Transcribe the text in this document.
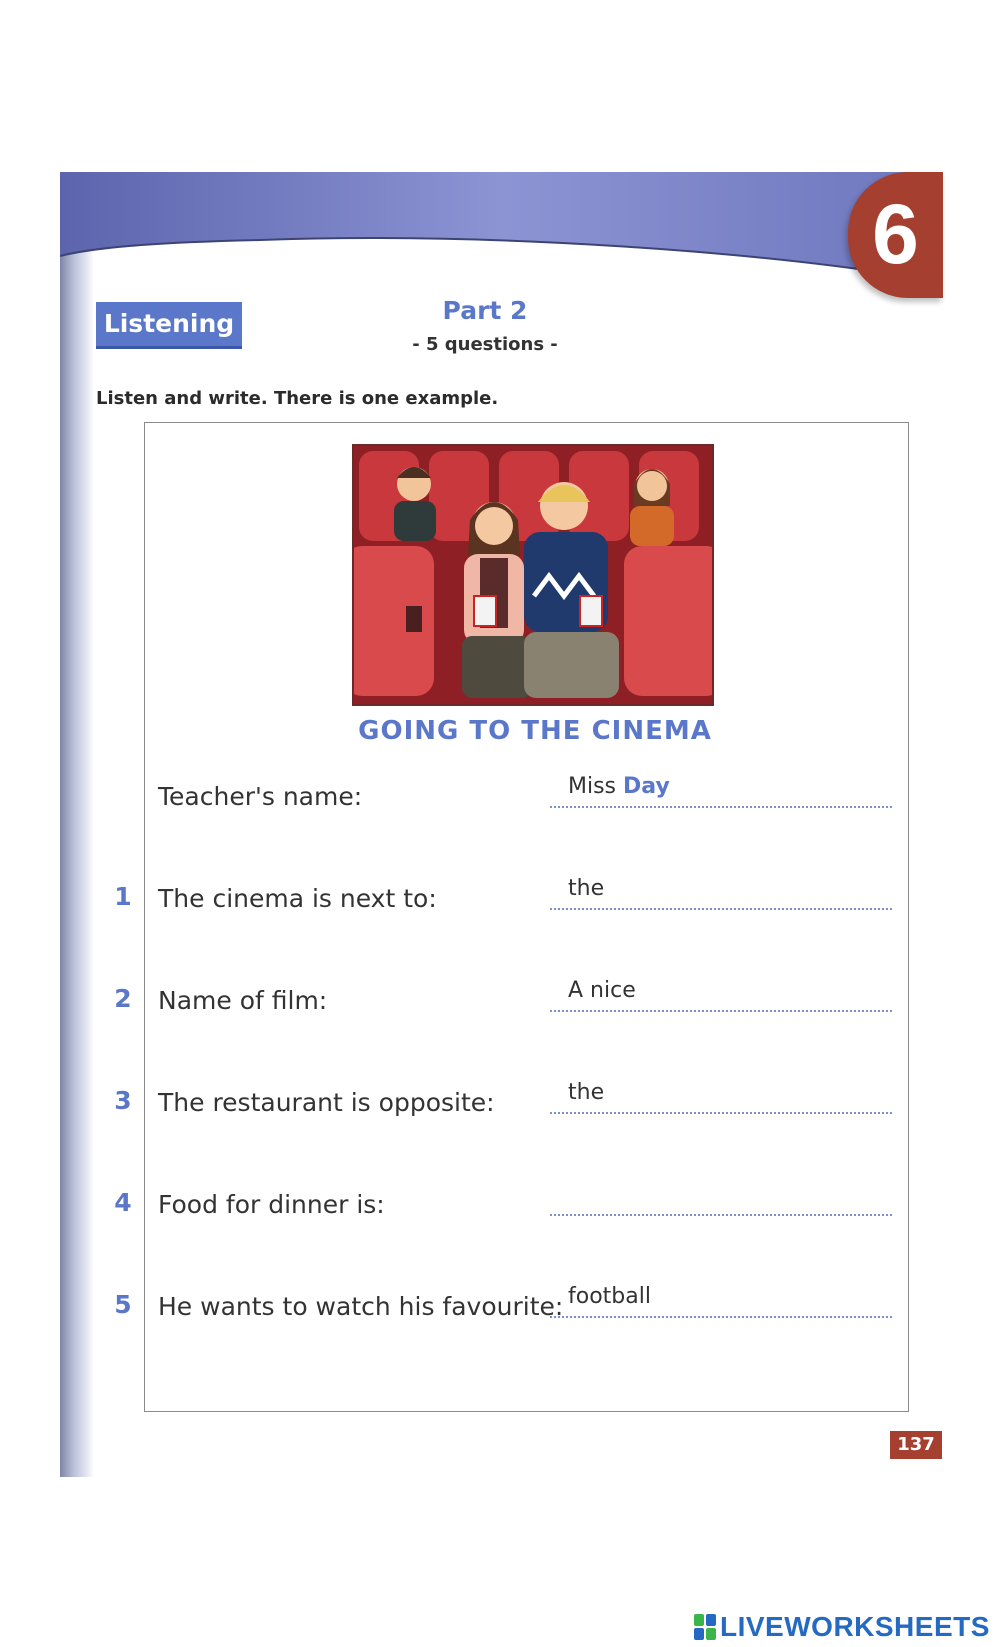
6
Listening	Part 2
- 5 questions -
Listen and write. There is one example.
GOING TO THE CINEMA
Teacher's name:	Miss Day
1 The cinema is next to:	the
2 Name of film:	A nice
3 The restaurant is opposite:	the
4 Food for dinner is:
5 He wants to watch his favourite: football
137
LIVEWORKSHEETS
